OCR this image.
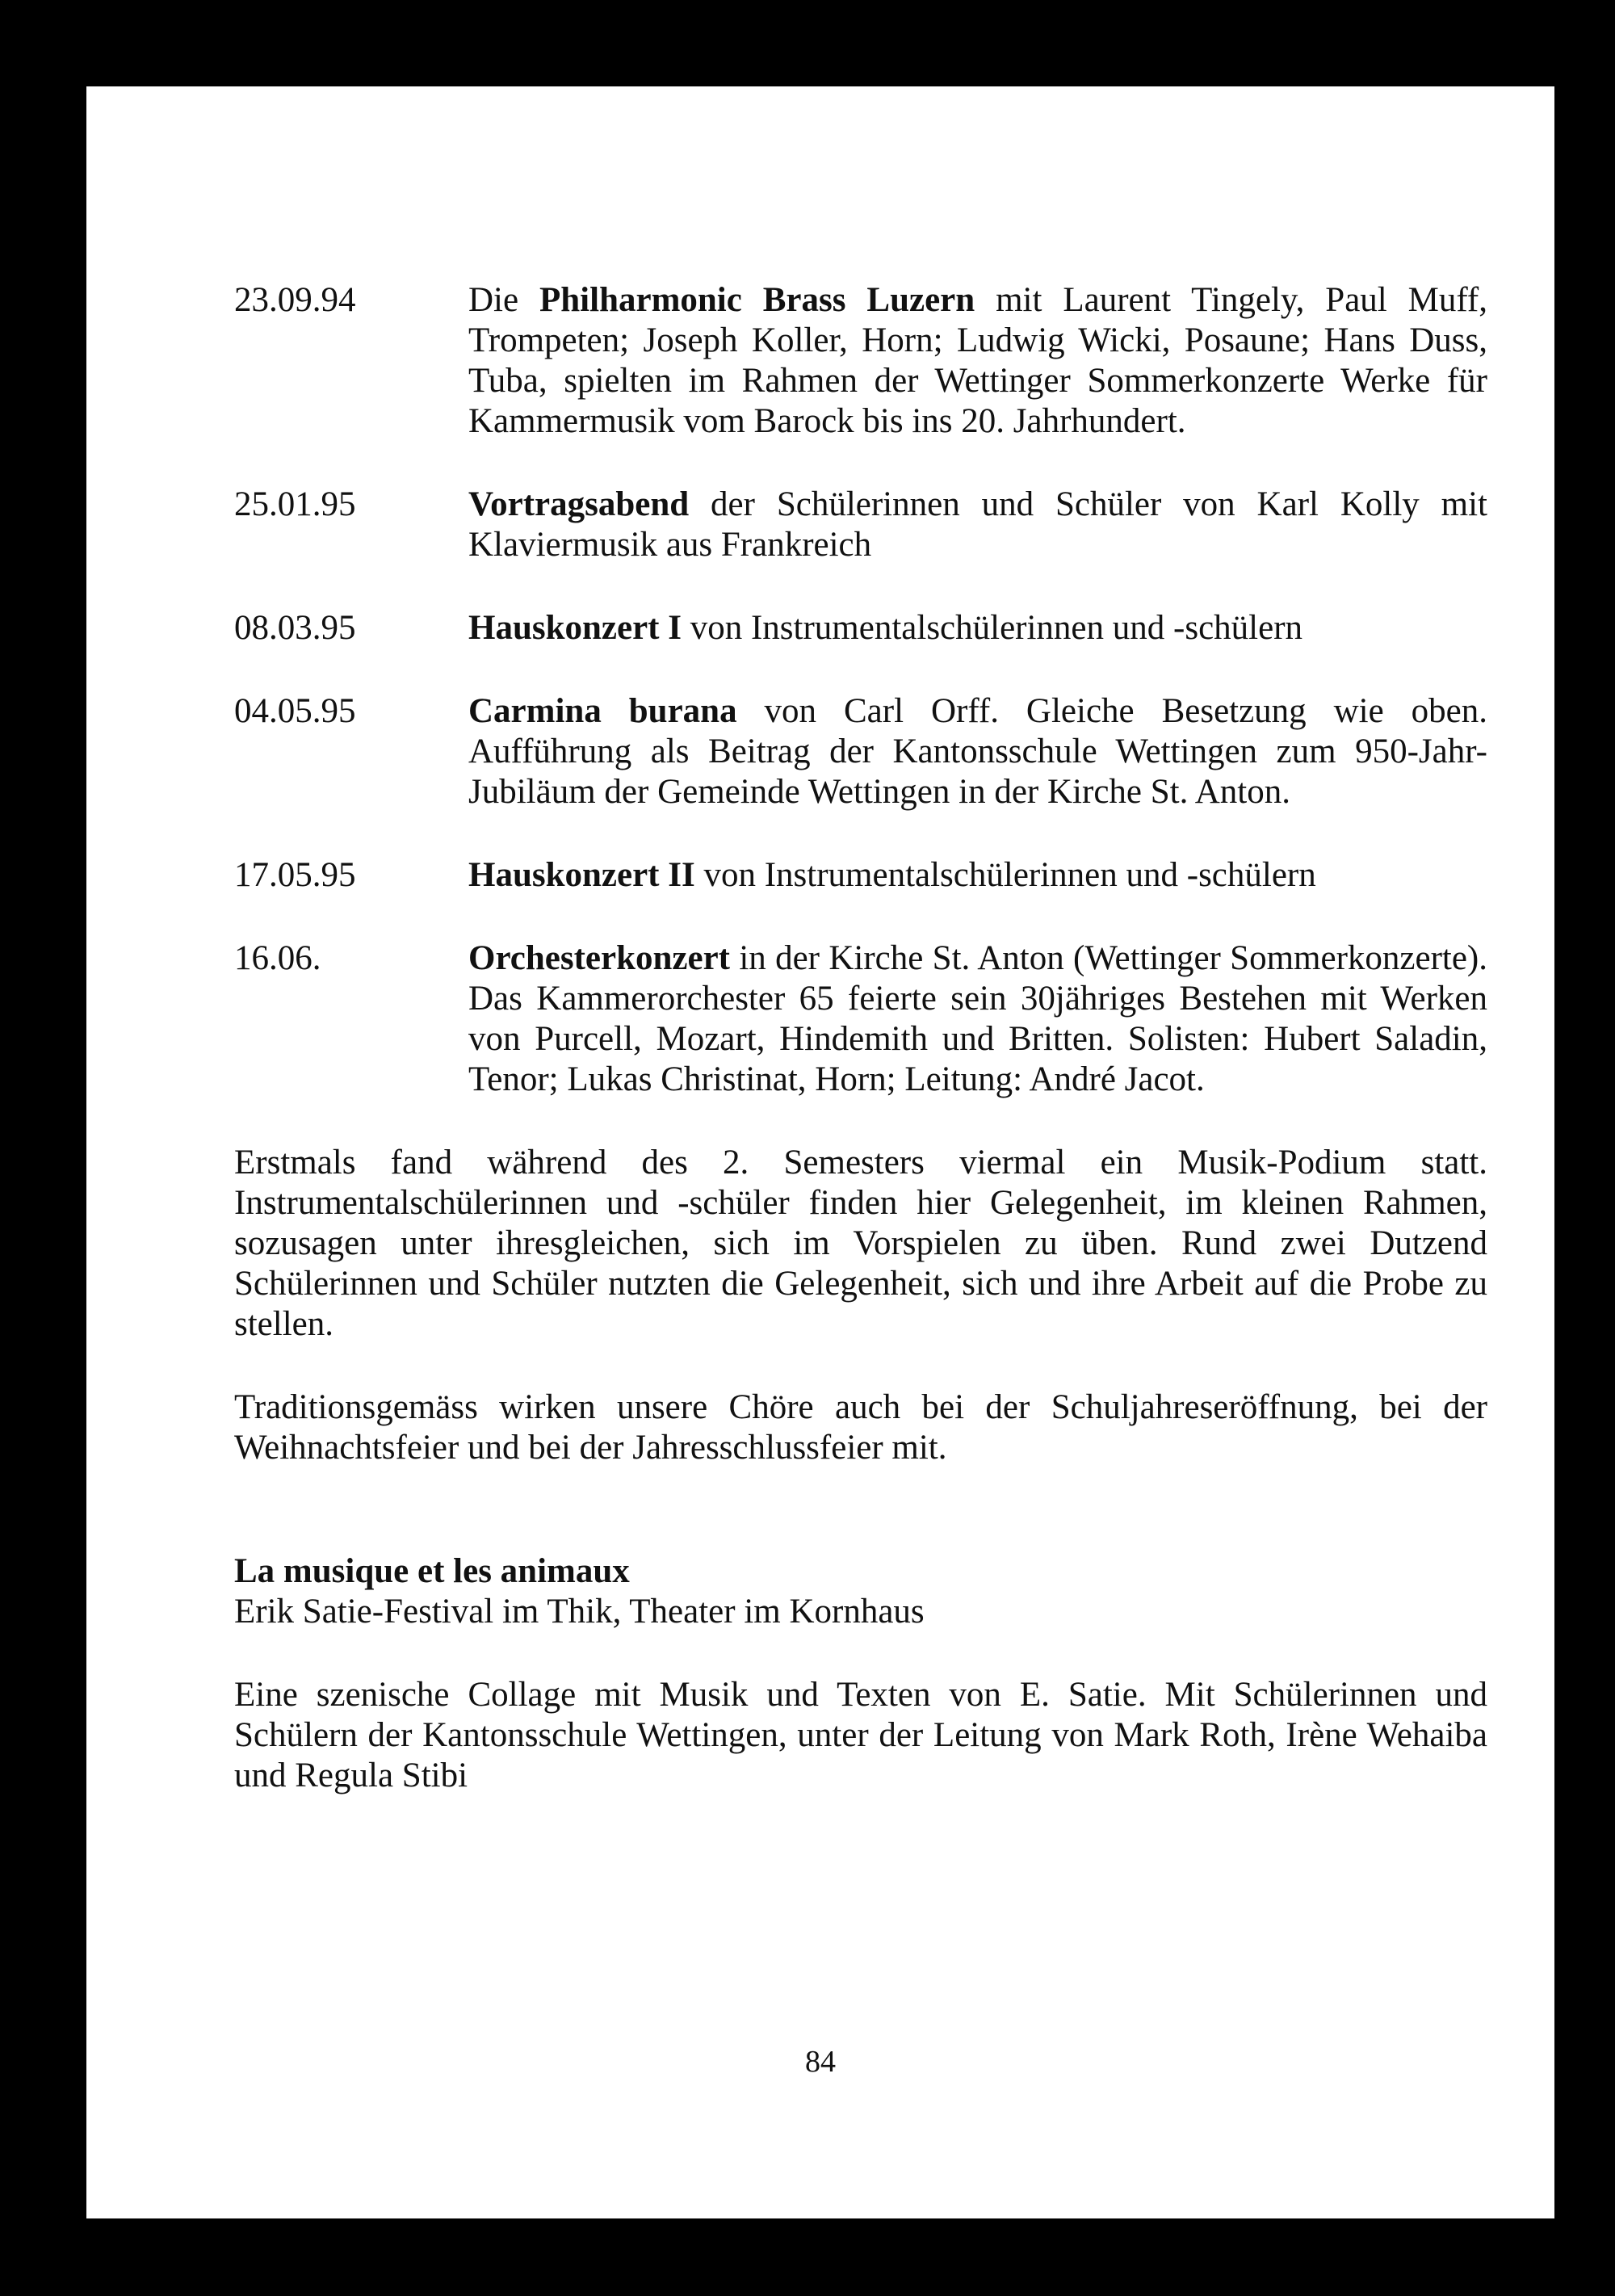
23.09.94	Die Philharmonic Brass Luzern mit Laurent Tingely, Paul Muff, Trompeten; Joseph Koller, Horn; Ludwig Wicki, Posaune; Hans Duss, Tuba, spielten im Rahmen der Wettinger Sommerkonzerte Werke für Kammermusik vom Barock bis ins 20. Jahrhundert.
25.01.95	Vortragsabend der Schülerinnen und Schüler von Karl Kolly mit Klaviermusik aus Frankreich
08.03.95	Hauskonzert I von Instrumentalschülerinnen und -schülern
04.05.95	Carmina burana von Carl Orff. Gleiche Besetzung wie oben. Aufführung als Beitrag der Kantonsschule Wettingen zum 950-Jahr-Jubiläum der Gemeinde Wettingen in der Kirche St. Anton.
17.05.95	Hauskonzert II von Instrumentalschülerinnen und -schülern
16.06.	Orchesterkonzert in der Kirche St. Anton (Wettinger Sommerkonzerte). Das Kammerorchester 65 feierte sein 30jähriges Bestehen mit Werken von Purcell, Mozart, Hindemith und Britten. Solisten: Hubert Saladin, Tenor; Lukas Christinat, Horn; Leitung: André Jacot.

Erstmals fand während des 2. Semesters viermal ein Musik-Podium statt. Instrumentalschülerinnen und -schüler finden hier Gelegenheit, im kleinen Rahmen, sozusagen unter ihresgleichen, sich im Vorspielen zu üben. Rund zwei Dutzend Schülerinnen und Schüler nutzten die Gelegenheit, sich und ihre Arbeit auf die Probe zu stellen.

Traditionsgemäss wirken unsere Chöre auch bei der Schuljahreseröffnung, bei der Weihnachtsfeier und bei der Jahresschlussfeier mit.

La musique et les animaux

Erik Satie-Festival im Thik, Theater im Kornhaus

Eine szenische Collage mit Musik und Texten von E. Satie. Mit Schülerinnen und Schülern der Kantonsschule Wettingen, unter der Leitung von Mark Roth, Irène Wehaiba und Regula Stibi

84
